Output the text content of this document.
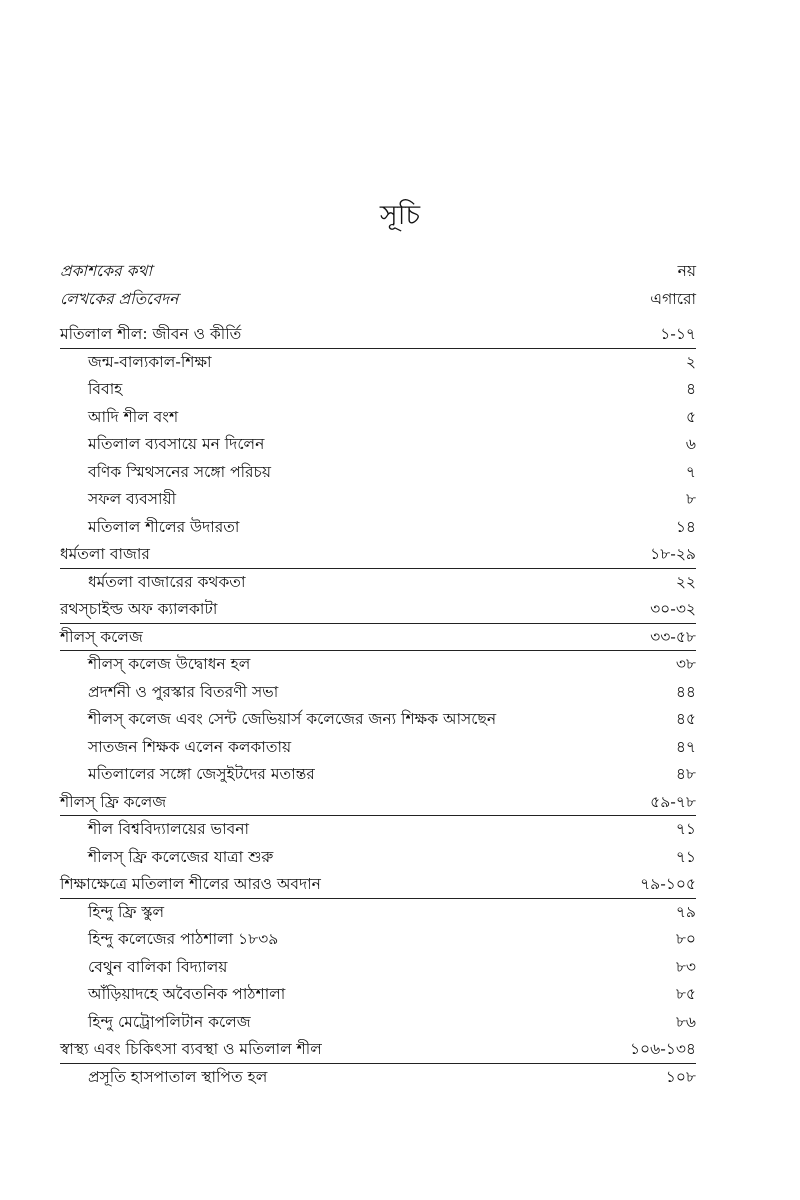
সূচি
প্রকাশকের কথা	নয়
লেখকের প্রতিবেদন	এগারো
মতিলাল শীল: জীবন ও কীর্তি	১-১৭
জন্ম-বাল্যকাল-শিক্ষা	২
বিবাহ	৪
আদি শীল বংশ	৫
মতিলাল ব্যবসায়ে মন দিলেন	৬
বণিক স্মিথসনের সঙ্গো পরিচয়	৭
সফল ব্যবসায়ী	৮
মতিলাল শীলের উদারতা	১৪
ধর্মতলা বাজার	১৮-২৯
ধর্মতলা বাজারের কথকতা	২২
রথস্‌চাইল্ড অফ ক্যালকাটা	৩০-৩২
শীলস্‌ কলেজ	৩৩-৫৮
শীলস্‌ কলেজ উদ্বোধন হল	৩৮
প্রদর্শনী ও পুরস্কার বিতরণী সভা	৪৪
শীলস্‌ কলেজ এবং সেন্ট জেভিয়ার্স কলেজের জন্য শিক্ষক আসছেন	৪৫
সাতজন শিক্ষক এলেন কলকাতায়	৪৭
মতিলালের সঙ্গো জেসুইটদের মতান্তর	৪৮
শীলস্‌ ফ্রি কলেজ	৫৯-৭৮
শীল বিশ্ববিদ্যালয়ের ভাবনা	৭১
শীলস্‌ ফ্রি কলেজের যাত্রা শুরু	৭১
শিক্ষাক্ষেত্রে মতিলাল শীলের আরও অবদান	৭৯-১০৫
হিন্দু ফ্রি স্কুল	৭৯
হিন্দু কলেজের পাঠশালা ১৮৩৯	৮০
বেথুন বালিকা বিদ্যালয়	৮৩
আঁড়িয়াদহে অবৈতনিক পাঠশালা	৮৫
হিন্দু মেট্রোপলিটান কলেজ	৮৬
স্বাস্থ্য এবং চিকিৎসা ব্যবস্থা ও মতিলাল শীল	১০৬-১৩৪
প্রসূতি হাসপাতাল স্থাপিত হল	১০৮
